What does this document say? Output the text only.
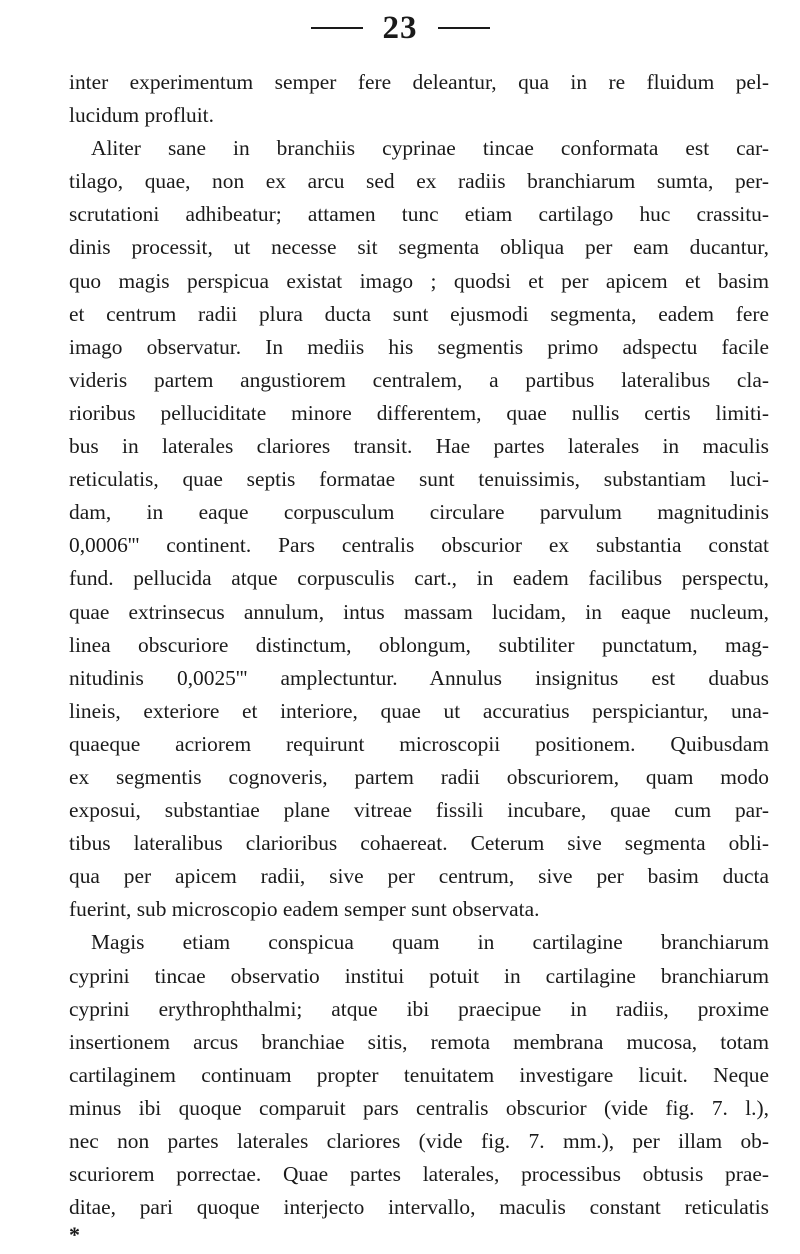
23
inter experimentum semper fere deleantur, qua in re fluidum pel-
lucidum profluit.
Aliter sane in branchiis cyprinae tincae conformata est car-
tilago, quae, non ex arcu sed ex radiis branchiarum sumta, per-
scrutationi adhibeatur; attamen tunc etiam cartilago huc crassitu-
dinis processit, ut necesse sit segmenta obliqua per eam ducantur,
quo magis perspicua existat imago ; quodsi et per apicem et basim
et centrum radii plura ducta sunt ejusmodi segmenta, eadem fere
imago observatur. In mediis his segmentis primo adspectu facile
videris partem angustiorem centralem, a partibus lateralibus cla-
rioribus pelluciditate minore differentem, quae nullis certis limiti-
bus in laterales clariores transit. Hae partes laterales in maculis
reticulatis, quae septis formatae sunt tenuissimis, substantiam luci-
dam, in eaque corpusculum circulare parvulum magnitudinis
0,0006''' continent. Pars centralis obscurior ex substantia constat
fund. pellucida atque corpusculis cart., in eadem facilibus perspectu,
quae extrinsecus annulum, intus massam lucidam, in eaque nucleum,
linea obscuriore distinctum, oblongum, subtiliter punctatum, mag-
nitudinis 0,0025''' amplectuntur. Annulus insignitus est duabus
lineis, exteriore et interiore, quae ut accuratius perspiciantur, una-
quaeque acriorem requirunt microscopii positionem. Quibusdam
ex segmentis cognoveris, partem radii obscuriorem, quam modo
exposui, substantiae plane vitreae fissili incubare, quae cum par-
tibus lateralibus clarioribus cohaereat. Ceterum sive segmenta obli-
qua per apicem radii, sive per centrum, sive per basim ducta
fuerint, sub microscopio eadem semper sunt observata.
Magis etiam conspicua quam in cartilagine branchiarum
cyprini tincae observatio institui potuit in cartilagine branchiarum
cyprini erythrophthalmi; atque ibi praecipue in radiis, proxime
insertionem arcus branchiae sitis, remota membrana mucosa, totam
cartilaginem continuam propter tenuitatem investigare licuit. Neque
minus ibi quoque comparuit pars centralis obscurior (vide fig. 7. l.),
nec non partes laterales clariores (vide fig. 7. mm.), per illam ob-
scuriorem porrectae. Quae partes laterales, processibus obtusis prae-
ditae, pari quoque interjecto intervallo, maculis constant reticulatis
*
